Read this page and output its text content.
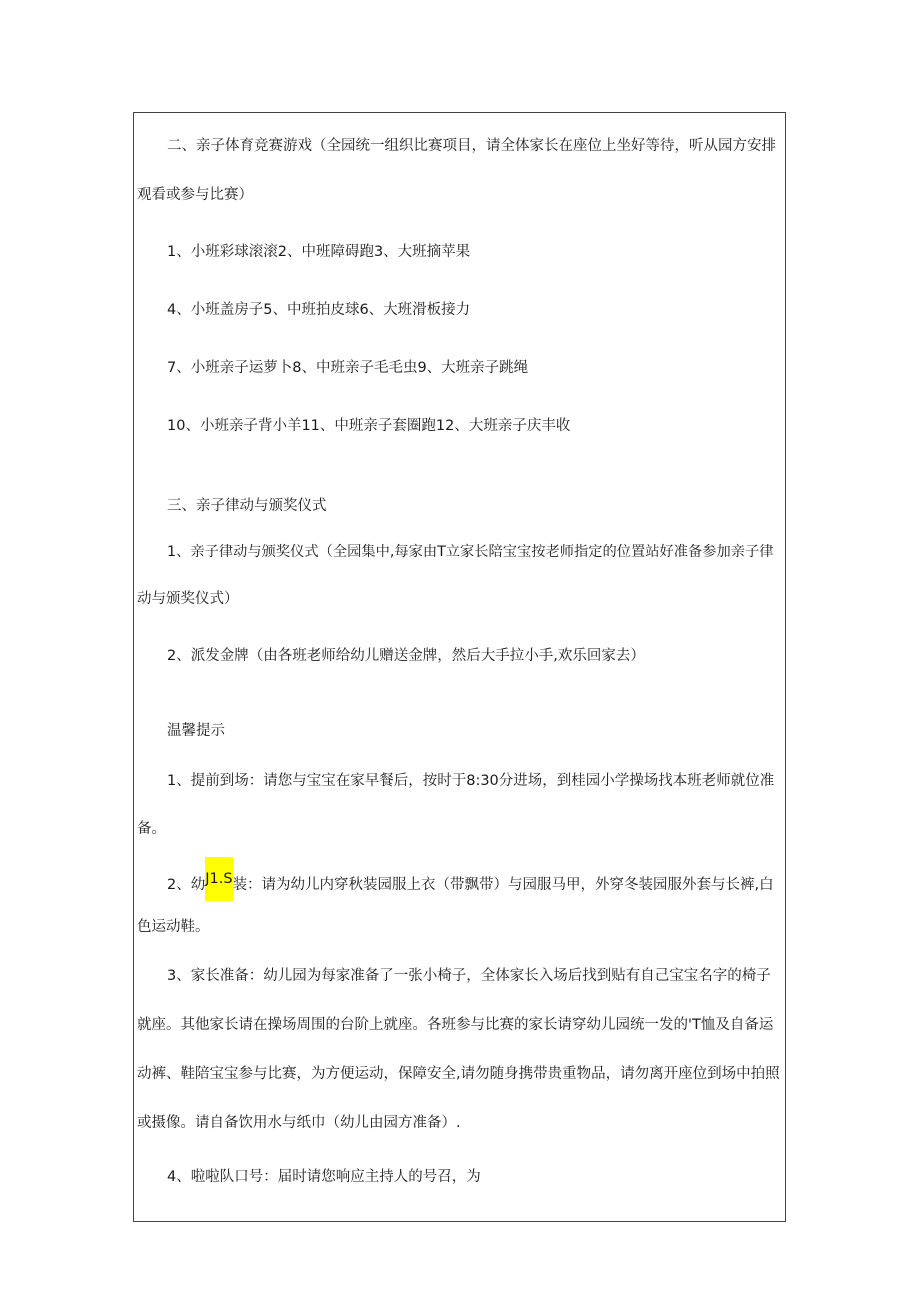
二、亲子体育竞赛游戏（全园统一组织比赛项目，请全体家长在座位上坐好等待，听从园方安排
观看或参与比赛）
1、小班彩球滚滚2、中班障碍跑3、大班摘苹果
4、小班盖房子5、中班拍皮球6、大班滑板接力
7、小班亲子运萝卜8、中班亲子毛毛虫9、大班亲子跳绳
10、小班亲子背小羊11、中班亲子套圈跑12、大班亲子庆丰收
三、亲子律动与颁奖仪式
1、亲子律动与颁奖仪式（全园集中,每家由T立家长陪宝宝按老师指定的位置站好准备参加亲子律
动与颁奖仪式）
2、派发金牌（由各班老师给幼儿赠送金牌，然后大手拉小手,欢乐回家去）
温馨提示
1、提前到场：请您与宝宝在家早餐后，按时于8:30分进场，到桂园小学操场找本班老师就位准
备。
2、幼J1.S装：请为幼儿内穿秋装园服上衣（带飘带）与园服马甲，外穿冬装园服外套与长裤,白
色运动鞋。
3、家长准备：幼儿园为每家准备了一张小椅子，全体家长入场后找到贴有自己宝宝名字的椅子
就座。其他家长请在操场周围的台阶上就座。各班参与比赛的家长请穿幼儿园统一发的'T恤及自备运
动裤、鞋陪宝宝参与比赛，为方便运动，保障安全,请勿随身携带贵重物品，请勿离开座位到场中拍照
或摄像。请自备饮用水与纸巾（幼儿由园方准备）.
4、啦啦队口号：届时请您响应主持人的号召，为
